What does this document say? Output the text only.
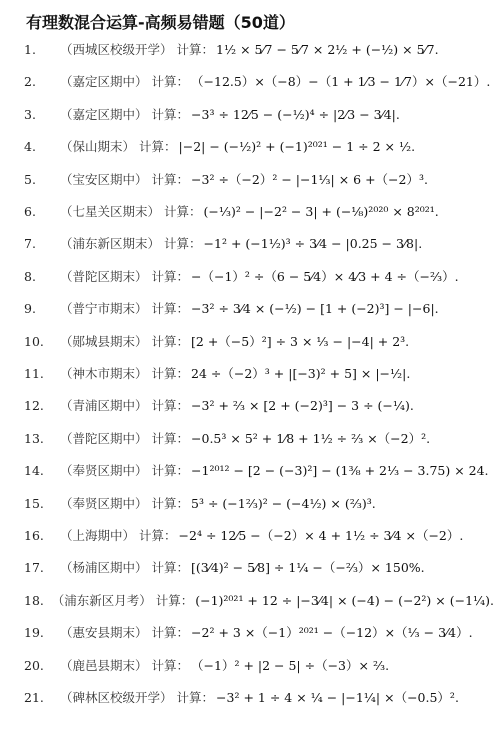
有理数混合运算-高频易错题（50道）
1.	（西城区校级开学） 计算： 1½ × 5⁄7 − 5⁄7 × 2½ + (−½) × 5⁄7.
2.	（嘉定区期中） 计算： （−12.5）×（−8）−（1 + 1⁄3 − 1⁄7）×（−21）.
3.	（嘉定区期中） 计算： −3³ ÷ 12⁄5 − (−½)⁴ ÷ |2⁄3 − 3⁄4|.
4.	（保山期末） 计算： |−2| − (−½)² + (−1)²⁰²¹ − 1 ÷ 2 × ½.
5.	（宝安区期中） 计算： −3² ÷（−2）² − |−1⅓| × 6 +（−2）³.
6.	（七星关区期末） 计算： (−⅓)² − |−2² − 3| + (−⅛)²⁰²⁰ × 8²⁰²¹.
7.	（浦东新区期末） 计算： −1² + (−1½)³ ÷ 3⁄4 − |0.25 − 3⁄8|.
8.	（普陀区期末） 计算： −（−1）² ÷（6 − 5⁄4）× 4⁄3 + 4 ÷（−⅔）.
9.	（普宁市期末） 计算： −3² ÷ 3⁄4 × (−½) − [1 + (−2)³] − |−6|.
10.	（郧城县期末） 计算： [2 +（−5）²] ÷ 3 × ⅓ − |−4| + 2³.
11.	（神木市期末） 计算： 24 ÷（−2）³ + |[−3)² + 5] × |−½|.
12.	（青浦区期中） 计算： −3² + ⅔ × [2 + (−2)³] − 3 ÷ (−¼).
13.	（普陀区期中） 计算： −0.5³ × 5² + 1⁄8 + 1½ ÷ ⅔ ×（−2）².
14.	（奉贤区期中） 计算： −1²⁰¹² − [2 − (−3)²] − (1⅜ + 2⅓ − 3.75) × 24.
15.	（奉贤区期中） 计算： 5³ ÷ (−1⅔)² − (−4½) × (⅔)³.
16.	（上海期中） 计算： −2⁴ ÷ 12⁄5 −（−2）× 4 + 1½ ÷ 3⁄4 ×（−2）.
17.	（杨浦区期中） 计算： [(3⁄4)² − 5⁄8] ÷ 1¼ −（−⅔）× 150%.
18. （浦东新区月考） 计算： (−1)²⁰²¹ + 12 ÷ |−3⁄4| × (−4) − (−2²) × (−1¼).
19.	（惠安县期末） 计算： −2² + 3 ×（−1）²⁰²¹ −（−12）×（⅓ − 3⁄4）.
20.	（鹿邑县期末） 计算： （−1）² + |2 − 5| ÷（−3）× ⅔.
21.	（碑林区校级开学） 计算： −3² + 1 ÷ 4 × ¼ − |−1¼| ×（−0.5）².
